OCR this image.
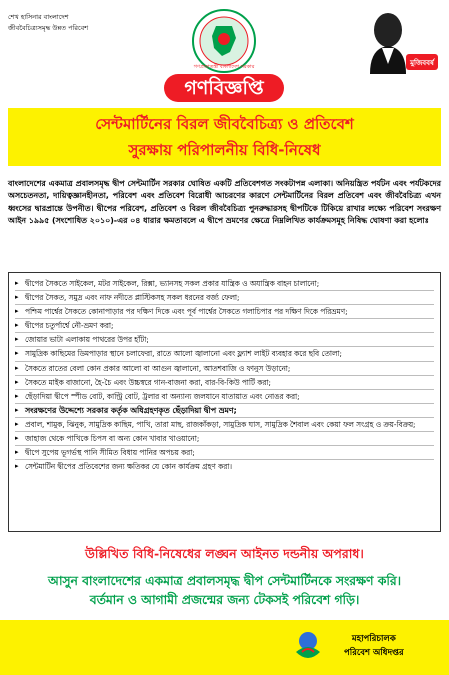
শেখ হাসিনার বাংলাদেশ
জীববৈচিত্র্যসমৃদ্ধ উন্নত পরিবেশ
গণপ্রজাতন্ত্রী বাংলাদেশ সরকার	মুজিববর্ষ
গণবিজ্ঞপ্তি
সেন্টমার্টিনের বিরল জীববৈচিত্র্য ও প্রতিবেশ
সুরক্ষায় পরিপালনীয় বিধি-নিষেধ
বাংলাদেশের একমাত্র প্রবালসমৃদ্ধ দ্বীপ সেন্টমার্টিন সরকার ঘোষিত একটি প্রতিবেশগত সংকটাপন্ন এলাকা। অনিয়ন্ত্রিত পর্যটন এবং পর্যটকদের অসচেতনতা, দায়িত্বজ্ঞানহীনতা, পরিবেশ এবং প্রতিবেশ বিরোধী আচরণের কারণে সেন্টমার্টিনের বিরল প্রতিবেশ এবং জীববৈচিত্র্য এখন ধ্বংসের দ্বারপ্রান্তে উপনীত। দ্বীপের পরিবেশ, প্রতিবেশ ও বিরল জীববৈচিত্র্য পুনরুদ্ধারসহ দ্বীপটিকে টিকিয়ে রাখার লক্ষ্যে পরিবেশ সংরক্ষণ আইন ১৯৯৫ (সংশোধিত ২০১০)-এর ০৪ ধারার ক্ষমতাবলে এ দ্বীপে ভ্রমণের ক্ষেত্রে নিম্নলিখিত কার্যক্রমসমূহ নিষিদ্ধ ঘোষণা করা হলোঃ
▸ দ্বীপের সৈকতে সাইকেল, মটর সাইকেল, রিক্সা, ভ্যানসহ সকল প্রকার যান্ত্রিক ও অযান্ত্রিক বাহন চালানো;
▸ দ্বীপের সৈকত, সমুদ্র এবং নাফ নদীতে প্লাস্টিকসহ সকল ধরনের বর্জ্য ফেলা;
▸ পশ্চিম পার্শ্বের সৈকতে কোনাপাড়ার পর দক্ষিণ দিকে এবং পূর্ব পার্শ্বের সৈকতে গলাচিপার পর দক্ষিণ দিকে পরিভ্রমণ;
▸ দ্বীপের চতুর্পার্শ্বে নৌ-ভ্রমণ করা;
▸ জোয়ার ভাটা এলাকায় পাথরের উপর হাঁটা;
▸ সামুদ্রিক কাছিমের ডিমপাড়ার স্থানে চলাফেরা, রাতে আলো জ্বালানো এবং ফ্ল্যাশ লাইট ব্যবহার করে ছবি তোলা;
▸ সৈকতে রাতের বেলা কোন প্রকার আলো বা আগুন জ্বালানো, আতশবাজি ও ফানুস উড়ানো;
▸ সৈকতে মাইক বাজানো, হৈ-চৈ এবং উচ্চস্বরে গান-বাজনা করা, বার-বি-কিউ পার্টি করা;
▸ ছেঁড়াদিয়া দ্বীপে স্পীড বোট, কান্ট্রি বোট, ট্রলার বা অন্যান্য জলযানে যাতায়াত এবং নোঙর করা;
▸ সংরক্ষণের উদ্দেশ্যে সরকার কর্তৃক অধিগ্রহণকৃত ছেঁড়াদিয়া দ্বীপ ভ্রমণ;
▸ প্রবাল, শামুক, ঝিনুক, সামুদ্রিক কাছিম, পাখি, তারা মাছ, রাজকাঁকড়া, সামুদ্রিক ঘাস, সামুদ্রিক শৈবাল এবং কেয়া ফল সংগ্রহ ও ক্রয়-বিক্রয়;
▸ জাহাজ থেকে পাখিকে চিপস বা অন্য কোন খাবার খাওয়ানো;
▸ দ্বীপে সুপেয় ভূগর্ভস্থ পানি সীমিত বিধায় পানির অপচয় করা;
▸ সেন্টমার্টিন দ্বীপের প্রতিবেশের জন্য ক্ষতিকর যে কোন কার্যক্রম গ্রহণ করা।
উল্লিখিত বিধি-নিষেধের লঙ্ঘন আইনত দন্ডনীয় অপরাধ।
আসুন বাংলাদেশের একমাত্র প্রবালসমৃদ্ধ দ্বীপ সেন্টমার্টিনকে সংরক্ষণ করি।
বর্তমান ও আগামী প্রজন্মের জন্য টেকসই পরিবেশ গড়ি।
মহাপরিচালক
পরিবেশ অধিদপ্তর
